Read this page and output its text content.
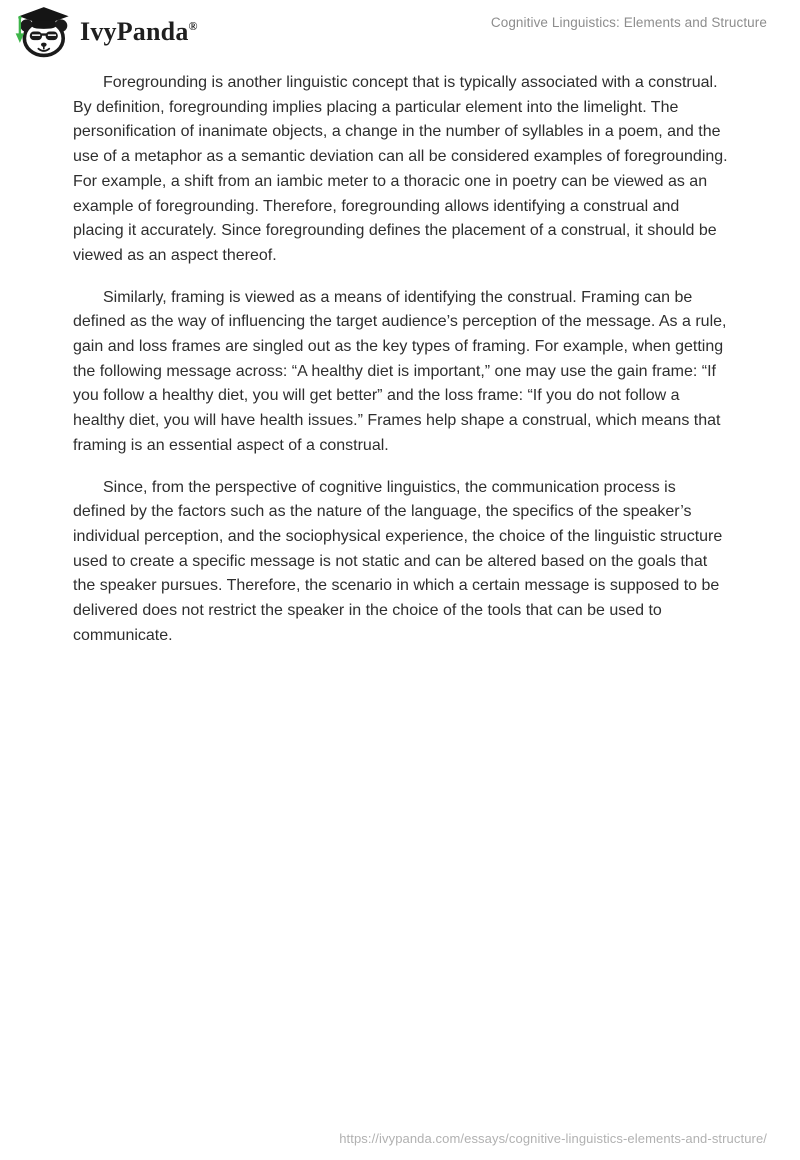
IvyPanda®	Cognitive Linguistics: Elements and Structure

Foregrounding is another linguistic concept that is typically associated with a construal. By definition, foregrounding implies placing a particular element into the limelight. The personification of inanimate objects, a change in the number of syllables in a poem, and the use of a metaphor as a semantic deviation can all be considered examples of foregrounding. For example, a shift from an iambic meter to a thoracic one in poetry can be viewed as an example of foregrounding. Therefore, foregrounding allows identifying a construal and placing it accurately. Since foregrounding defines the placement of a construal, it should be viewed as an aspect thereof.

Similarly, framing is viewed as a means of identifying the construal. Framing can be defined as the way of influencing the target audience’s perception of the message. As a rule, gain and loss frames are singled out as the key types of framing. For example, when getting the following message across: “A healthy diet is important,” one may use the gain frame: “If you follow a healthy diet, you will get better” and the loss frame: “If you do not follow a healthy diet, you will have health issues.” Frames help shape a construal, which means that framing is an essential aspect of a construal.

Since, from the perspective of cognitive linguistics, the communication process is defined by the factors such as the nature of the language, the specifics of the speaker’s individual perception, and the sociophysical experience, the choice of the linguistic structure used to create a specific message is not static and can be altered based on the goals that the speaker pursues. Therefore, the scenario in which a certain message is supposed to be delivered does not restrict the speaker in the choice of the tools that can be used to communicate.

https://ivypanda.com/essays/cognitive-linguistics-elements-and-structure/
